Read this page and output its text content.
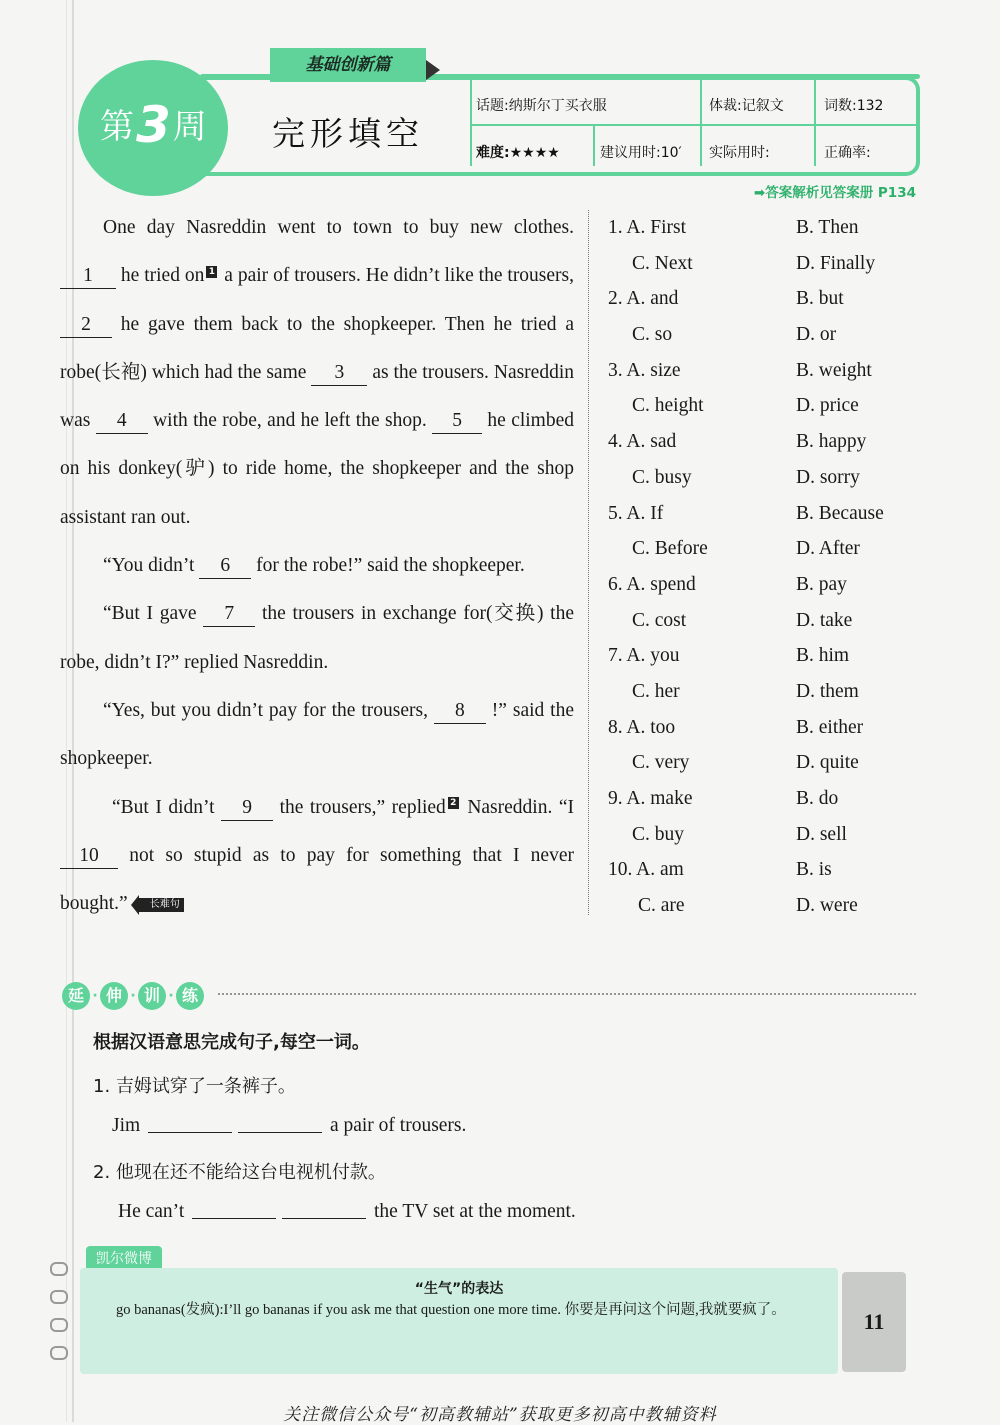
基础创新篇
第3周 完形填空
话题:纳斯尔丁买衣服	体裁:记叙文	词数:132
难度:★★★★	建议用时:10′ 实际用时:	正确率:
➡答案解析见答案册 P134

One day Nasreddin went to town to buy new clothes. 1 he tried on 1 a pair of trousers. He didn’t like the trousers, 2 he gave them back to the shopkeeper. Then he tried a robe(长袍) which had the same 3 as the trousers. Nasreddin was 4 with the robe, and he left the shop. 5 he climbed on his donkey(驴) to ride home, the shopkeeper and the shop assistant ran out.

“You didn’t 6 for the robe!” said the shopkeeper.

“But I gave 7 the trousers in exchange for(交换) the robe, didn’t I?” replied Nasreddin.

“Yes, but you didn’t pay for the trousers, 8 !” said the shopkeeper.

“But I didn’t 9 the trousers,” replied 2 Nasreddin. “I 10 not so stupid as to pay for something that I never bought.” 长难句

1. A. First	B. Then
C. Next	D. Finally
2. A. and	B. but
C. so	D. or
3. A. size	B. weight
C. height	D. price
4. A. sad	B. happy
C. busy	D. sorry
5. A. If	B. Because
C. Before	D. After
6. A. spend	B. pay
C. cost	D. take
7. A. you	B. him
C. her	D. them
8. A. too	B. either
C. very	D. quite
9. A. make	B. do
C. buy	D. sell
10. A. am	B. is
C. are	D. were
延 · 伸 · 训 · 练
根据汉语意思完成句子,每空一词。
1. 吉姆试穿了一条裤子。
Jim	a pair of trousers.
2. 他现在还不能给这台电视机付款。
He can’t	the TV set at the moment.
凯尔微博
“生气”的表达
go bananas(发疯):I’ll go bananas if you ask me that question one more time. 你要是再问这个问题,我就要疯了。	11
关注微信公众号“初高教辅站”获取更多初高中教辅资料
